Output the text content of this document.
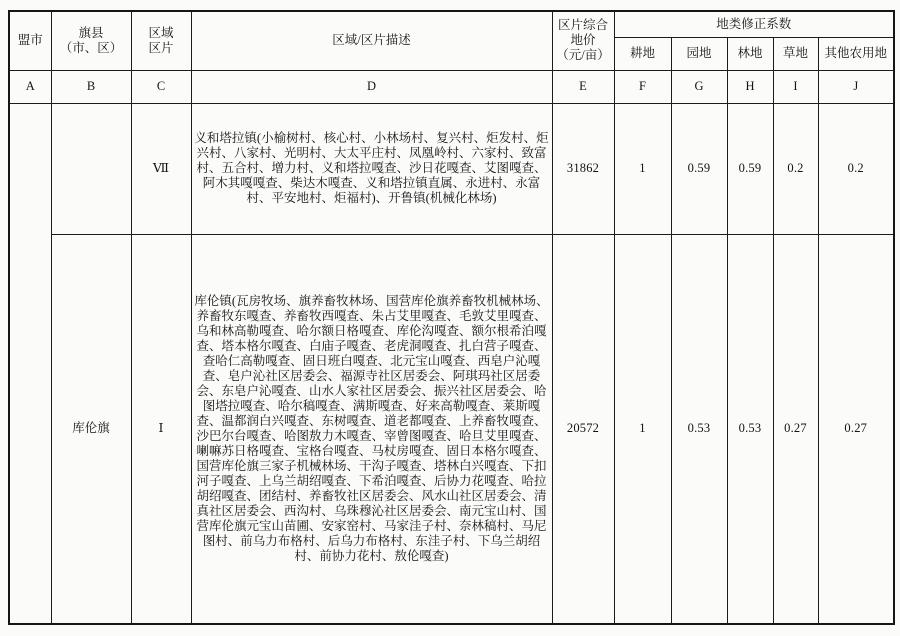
盟市	旗县
（市、区）	区域
区片	区域/区片描述	区片综合
地价
（元/亩）	地类修正系数				
					耕地	园地	林地	草地	其他农用地
A	B	C	D	E	F	G	H	I	J
		Ⅶ	义和塔拉镇(小榆树村、核心村、小林场村、复兴村、炬发村、炬兴村、八家村、光明村、大太平庄村、凤凰岭村、六家村、致富村、五合村、增力村、义和塔拉嘎查、沙日花嘎查、艾图嘎查、阿木其嘎嘎查、柴达木嘎查、义和塔拉镇直属、永进村、永富村、平安地村、炬福村)、开鲁镇(机械化林场)	31862	1	0.59	0.59	0.2	0.2
	库伦旗	Ⅰ	库伦镇(瓦房牧场、旗养畜牧林场、国营库伦旗养畜牧机械林场、养畜牧东嘎查、养畜牧西嘎查、朱占艾里嘎查、毛敦艾里嘎查、乌和林高勒嘎查、哈尔额日格嘎查、库伦沟嘎查、额尔根希泊嘎查、塔本格尔嘎查、白庙子嘎查、老虎洞嘎查、扎白营子嘎查、查哈仁高勒嘎查、固日班白嘎查、北元宝山嘎查、西皂户沁嘎查、皂户沁社区居委会、福源寺社区居委会、阿琪玛社区居委会、东皂户沁嘎查、山水人家社区居委会、振兴社区居委会、哈图塔拉嘎查、哈尔稿嘎查、满斯嘎查、好来高勒嘎查、莱斯嘎查、温都润白兴嘎查、东树嘎查、道老都嘎查、上养畜牧嘎查、沙巴尔台嘎查、哈图敖力木嘎查、宰曾图嘎查、哈旦艾里嘎查、喇嘛苏日格嘎查、宝格台嘎查、马杖房嘎查、固日本格尔嘎查、国营库伦旗三家子机械林场、干沟子嘎查、塔林白兴嘎查、下扣河子嘎查、上乌兰胡绍嘎查、下希泊嘎查、后协力花嘎查、哈拉胡绍嘎查、团结村、养畜牧社区居委会、风水山社区居委会、清真社区居委会、西沟村、乌珠穆沁社区居委会、南元宝山村、国营库伦旗元宝山苗圃、安家窑村、马家洼子村、奈林稿村、马尼图村、前乌力布格村、后乌力布格村、东洼子村、下乌兰胡绍村、前协力花村、敖伦嘎查)	20572	1	0.53	0.53	0.27	0.27
